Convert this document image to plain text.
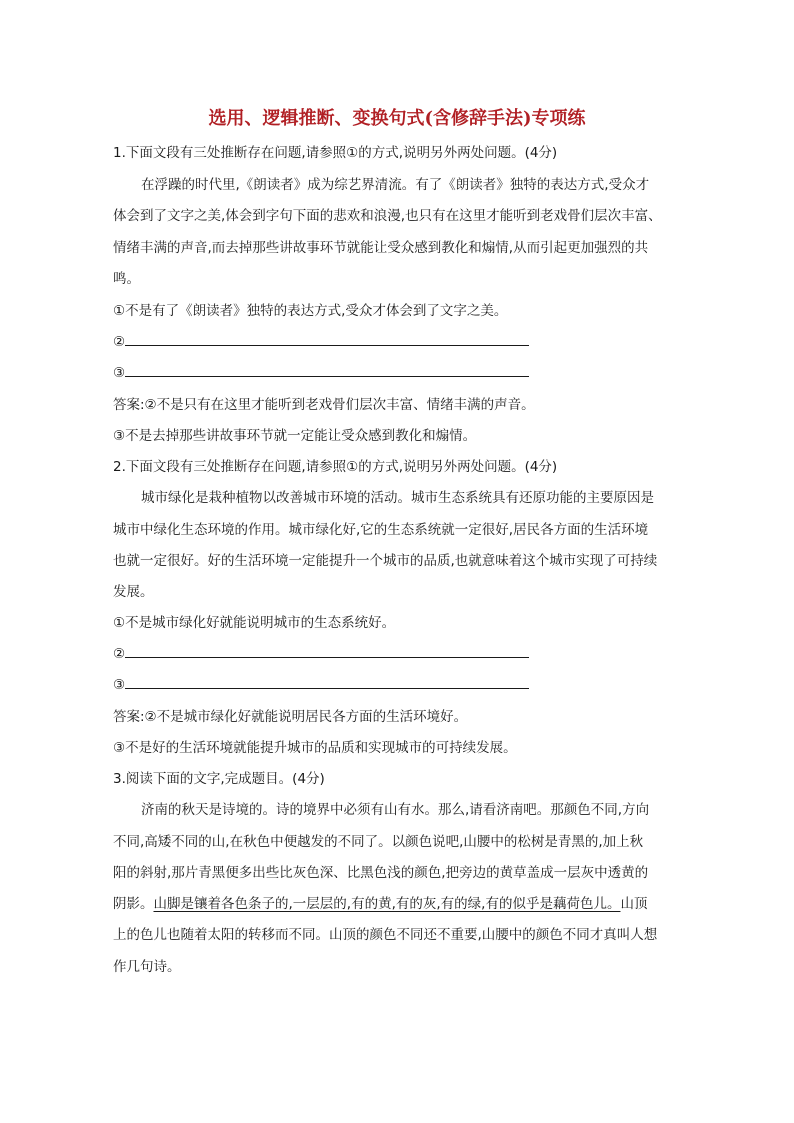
选用、逻辑推断、变换句式(含修辞手法)专项练
1.下面文段有三处推断存在问题,请参照①的方式,说明另外两处问题。(4分)
在浮躁的时代里,《朗读者》成为综艺界清流。有了《朗读者》独特的表达方式,受众才
体会到了文字之美,体会到字句下面的悲欢和浪漫,也只有在这里才能听到老戏骨们层次丰富、
情绪丰满的声音,而去掉那些讲故事环节就能让受众感到教化和煽情,从而引起更加强烈的共
鸣。
①不是有了《朗读者》独特的表达方式,受众才体会到了文字之美。
②
③
答案:②不是只有在这里才能听到老戏骨们层次丰富、情绪丰满的声音。
③不是去掉那些讲故事环节就一定能让受众感到教化和煽情。
2.下面文段有三处推断存在问题,请参照①的方式,说明另外两处问题。(4分)
城市绿化是栽种植物以改善城市环境的活动。城市生态系统具有还原功能的主要原因是
城市中绿化生态环境的作用。城市绿化好,它的生态系统就一定很好,居民各方面的生活环境
也就一定很好。好的生活环境一定能提升一个城市的品质,也就意味着这个城市实现了可持续
发展。
①不是城市绿化好就能说明城市的生态系统好。
②
③
答案:②不是城市绿化好就能说明居民各方面的生活环境好。
③不是好的生活环境就能提升城市的品质和实现城市的可持续发展。
3.阅读下面的文字,完成题目。(4分)
济南的秋天是诗境的。诗的境界中必须有山有水。那么,请看济南吧。那颜色不同,方向
不同,高矮不同的山,在秋色中便越发的不同了。以颜色说吧,山腰中的松树是青黑的,加上秋
阳的斜射,那片青黑便多出些比灰色深、比黑色浅的颜色,把旁边的黄草盖成一层灰中透黄的
阴影。山脚是镶着各色条子的,一层层的,有的黄,有的灰,有的绿,有的似乎是藕荷色儿。山顶
上的色儿也随着太阳的转移而不同。山顶的颜色不同还不重要,山腰中的颜色不同才真叫人想
作几句诗。
